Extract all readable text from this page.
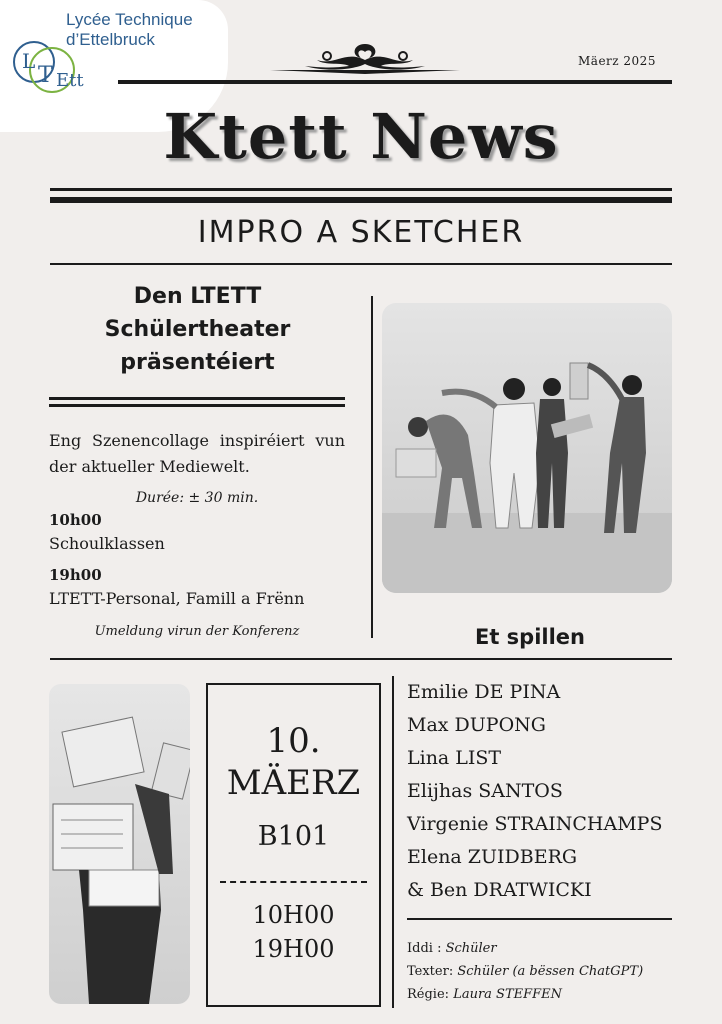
Lycée Technique
d’Ettelbruck
L
T Ett
Mäerz 2025
Ktett News
IMPRO A SKETCHER
Den LTETT
Schülertheater
präsentéiert
Eng Szenencollage inspiréiert vun der aktueller Mediewelt.
Durée: ± 30 min.
10h00
Schoulklassen
19h00
LTETT-Personal, Famill a Frënn
Umeldung virun der Konferenz	Et spillen
10.
MÄERZ
B101
10H00
19H00
Emilie DE PINA
Max DUPONG
Lina LIST
Elijhas SANTOS
Virgenie STRAINCHAMPS
Elena ZUIDBERG
& Ben DRATWICKI
Iddi : Schüler
Texter: Schüler (a bëssen ChatGPT)
Régie: Laura STEFFEN
